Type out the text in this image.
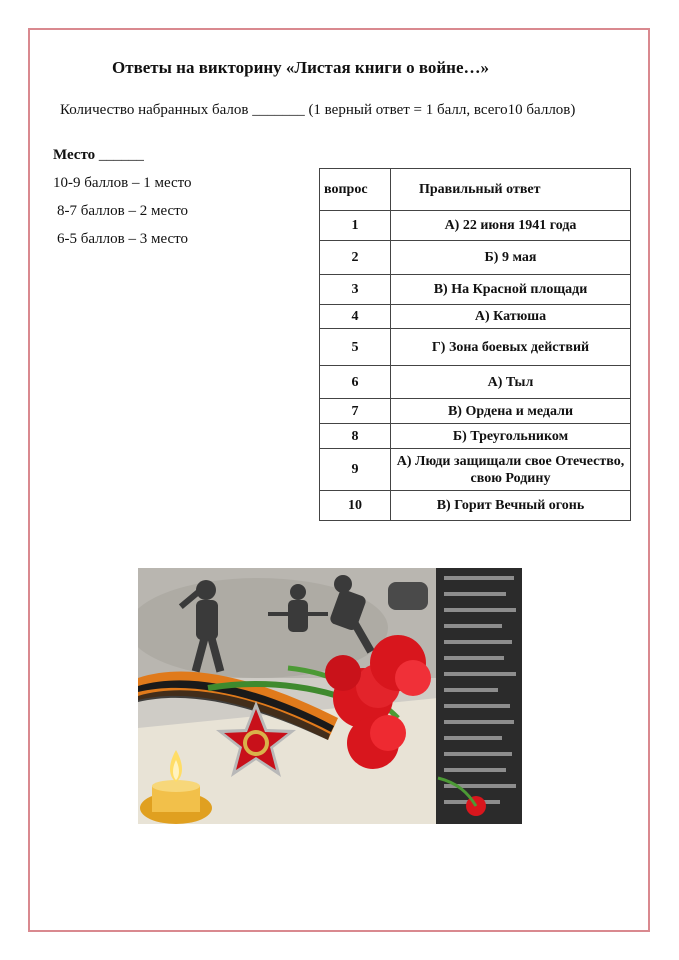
Ответы на викторину «Листая книги о войне…»
Количество набранных балов _______ (1 верный ответ = 1 балл, всего10 баллов)
Место ______
10-9 баллов – 1 место
8-7 баллов – 2 место
6-5 баллов – 3 место
вопрос	Правильный ответ
1	А) 22 июня 1941 года
2	Б) 9 мая
3	В) На Красной площади
4	А) Катюша
5	Г) Зона боевых действий
6	А) Тыл
7	В) Ордена и медали
8	Б) Треугольником
9	А) Люди защищали свое Отечество, свою Родину
10	В) Горит Вечный огонь
